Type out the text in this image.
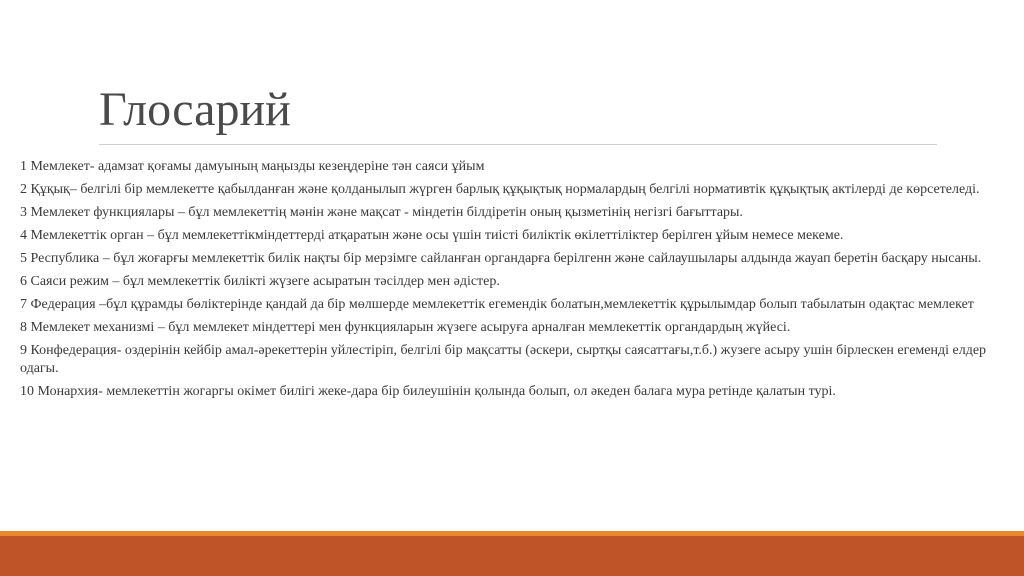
Глосарий
1 Мемлекет- адамзат қоғамы дамуының маңызды кезеңдеріне тән саяси ұйым
2 Құқық– белгілі бір мемлекетте қабылданған және қолданылып жүрген барлық құқықтық нормалардың белгілі нормативтік құқықтық актілерді де көрсетеледі.
3 Мемлекет функциялары – бұл мемлекеттің мәнін және мақсат - міндетін білдіретін оның қызметінің негізгі бағыттары.
4 Мемлекеттік орган – бұл мемлекеттікміндеттерді атқаратын және осы үшін тиісті биліктік өкілеттіліктер берілген ұйым немесе мекеме.
5 Республика – бұл жоғарғы мемлекеттік билік нақты бір мерзімге сайланған органдарға берілгенн және сайлаушылары алдында жауап беретін басқару нысаны.
6 Саяси режим – бұл мемлекеттік билікті жүзеге асыратын тәсілдер мен әдістер.
7 Федерация –бұл құрамды бөліктерінде қандай да бір мөлшерде мемлекеттік егемендік болатын,мемлекеттік құрылымдар болып табылатын одақтас мемлекет
8 Мемлекет механизмі – бұл мемлекет міндеттері мен функцияларын жүзеге асыруға арналған мемлекеттік органдардың жүйесі.
9 Конфедерация- оздерінін кейбір амал-әрекеттерін уйлестіріп, белгілі бір мақсатты (әскери, сыртқы саясаттағы,т.б.) жузеге асыру ушін бірлескен егеменді елдер одагы.
10 Монархия- мемлекеттін жогаргы окімет билігі жеке-дара бір билеушінін қолында болып, ол әкеден балага мура ретінде қалатын турі.
